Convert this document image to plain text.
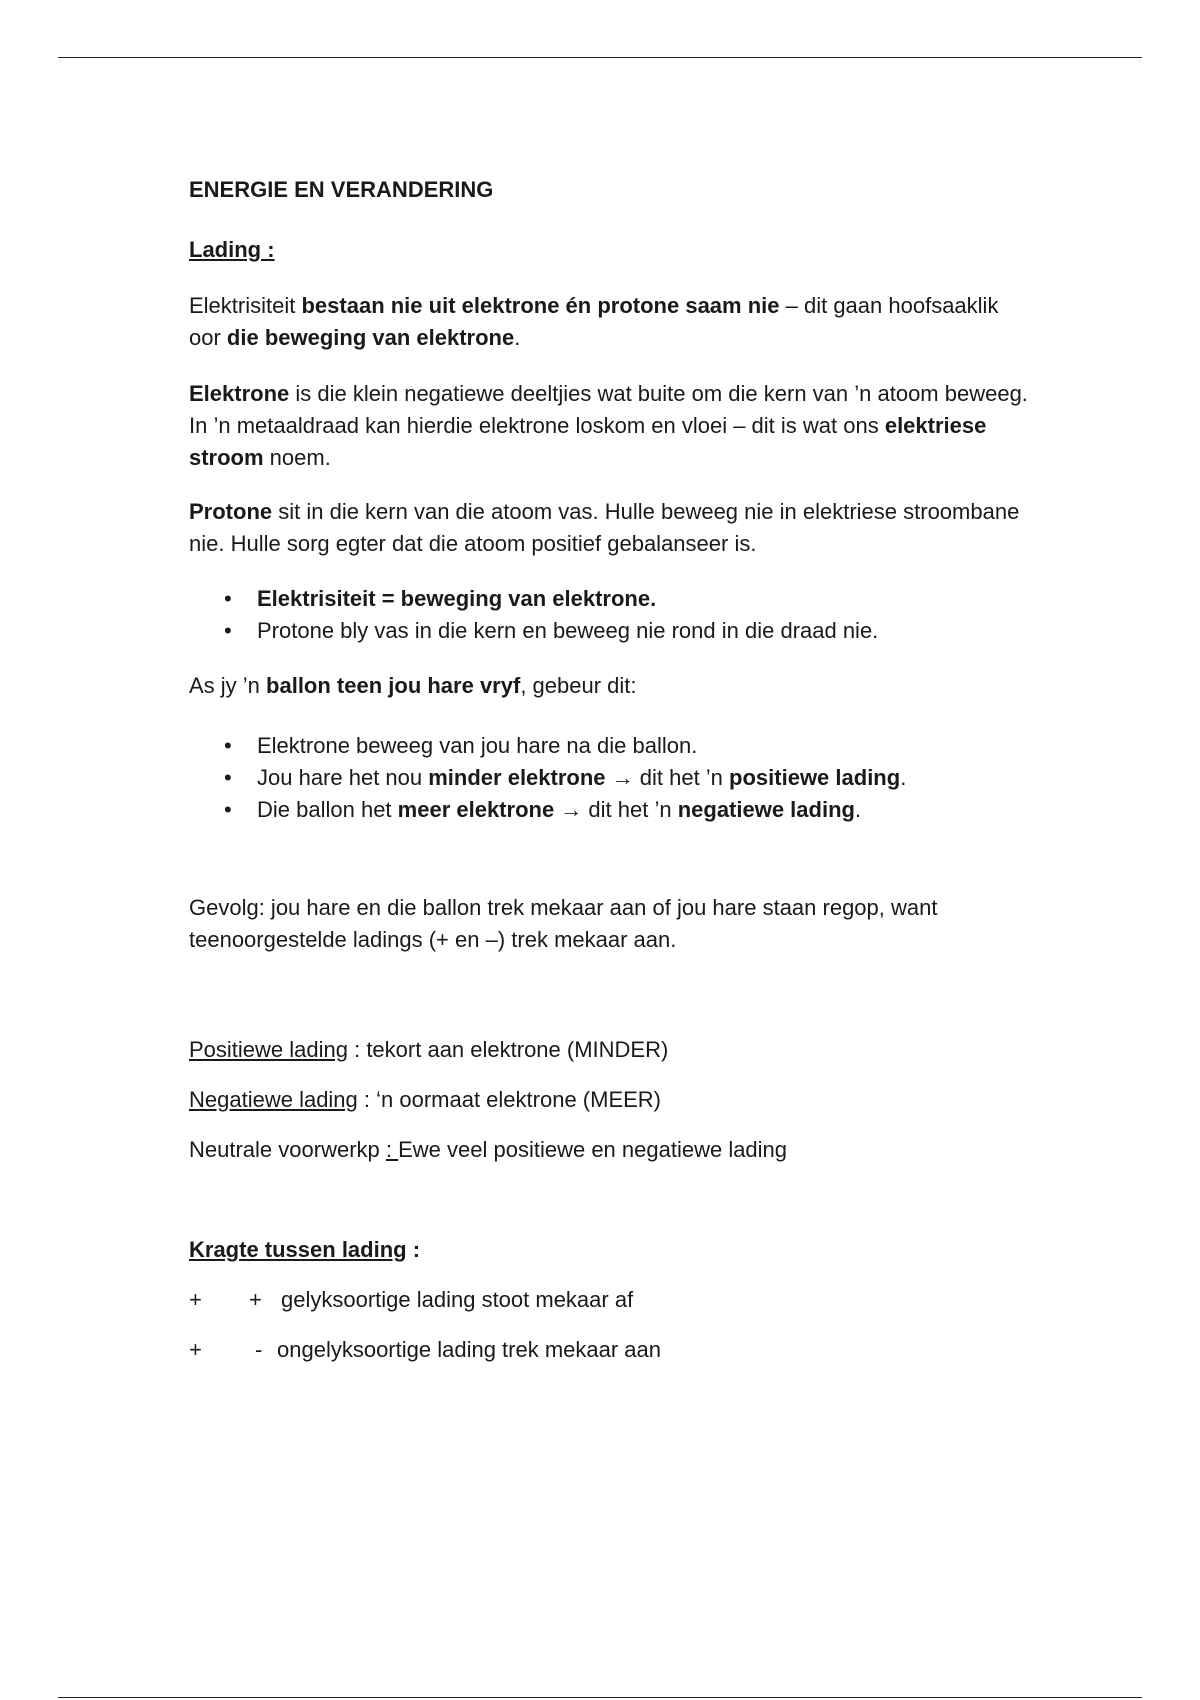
ENERGIE EN VERANDERING
Lading :

Elektrisiteit bestaan nie uit elektrone én protone saam nie – dit gaan hoofsaaklik oor die beweging van elektrone.

Elektrone is die klein negatiewe deeltjies wat buite om die kern van ’n atoom beweeg. In ’n metaaldraad kan hierdie elektrone loskom en vloei – dit is wat ons elektriese stroom noem.

Protone sit in die kern van die atoom vas. Hulle beweeg nie in elektriese stroombane nie. Hulle sorg egter dat die atoom positief gebalanseer is.

• Elektrisiteit = beweging van elektrone.
• Protone bly vas in die kern en beweeg nie rond in die draad nie.

As jy ’n ballon teen jou hare vryf, gebeur dit:

• Elektrone beweeg van jou hare na die ballon.
• Jou hare het nou minder elektrone → dit het ’n positiewe lading.
• Die ballon het meer elektrone → dit het ’n negatiewe lading.

Gevolg: jou hare en die ballon trek mekaar aan of jou hare staan regop, want teenoorgestelde ladings (+ en –) trek mekaar aan.

Positiewe lading : tekort aan elektrone (MINDER)

Negatiewe lading : ‘n oormaat elektrone (MEER)

Neutrale voorwerkp : Ewe veel positiewe en negatiewe lading

Kragte tussen lading :
+ + gelyksoortige lading stoot mekaar af
+ - ongelyksoortige lading trek mekaar aan
